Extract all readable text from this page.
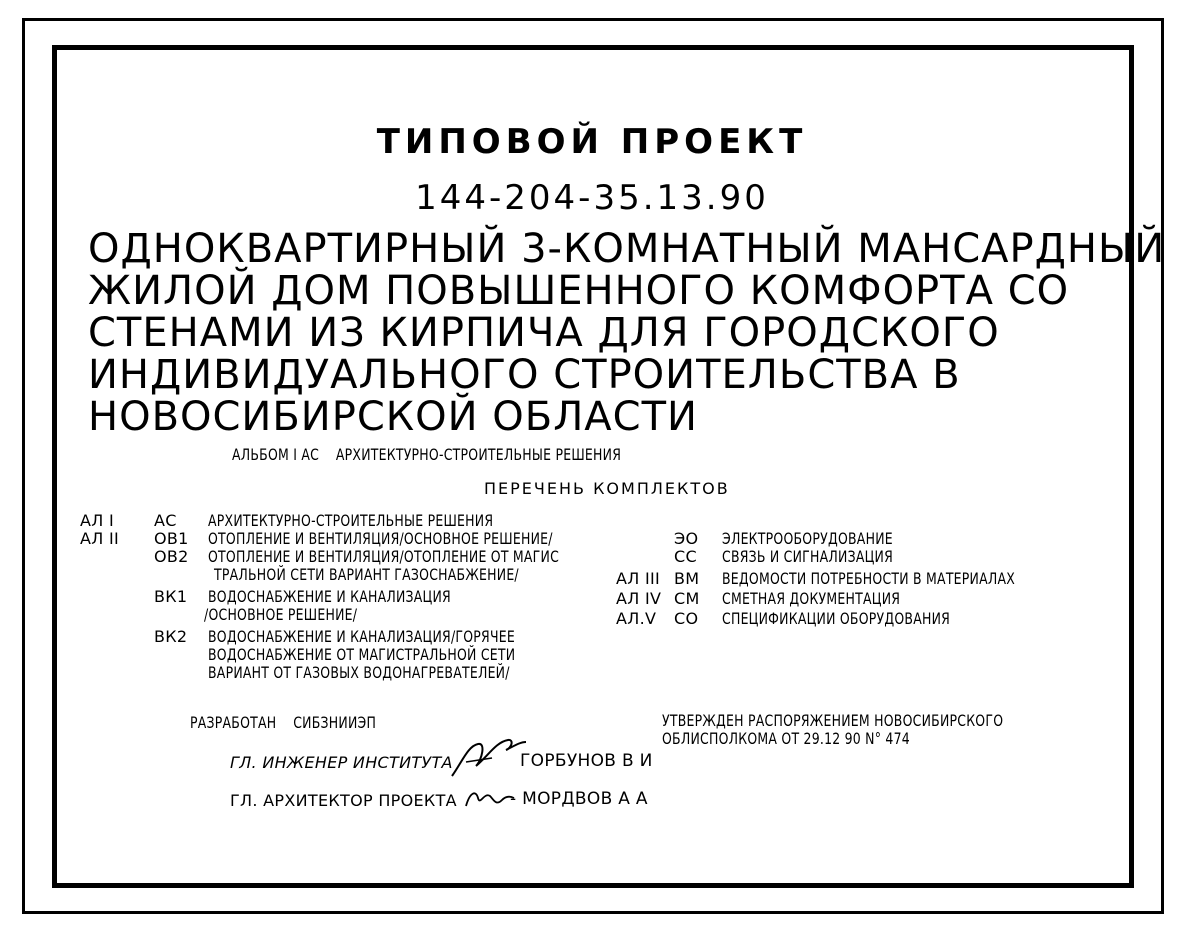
ТИПОВОЙ ПРОЕКТ
144-204-35.13.90
ОДНОКВАРТИРНЫЙ 3-КОМНАТНЫЙ МАНСАРДНЫЙ
ЖИЛОЙ ДОМ ПОВЫШЕННОГО КОМФОРТА СО
СТЕНАМИ ИЗ КИРПИЧА ДЛЯ ГОРОДСКОГО
ИНДИВИДУАЛЬНОГО СТРОИТЕЛЬСТВА В
НОВОСИБИРСКОЙ ОБЛАСТИ
АЛЬБОМ I АС АРХИТЕКТУРНО-СТРОИТЕЛЬНЫЕ РЕШЕНИЯ
ПЕРЕЧЕНЬ КОМПЛЕКТОВ
АЛ I	АС АРХИТЕКТУРНО-СТРОИТЕЛЬНЫЕ РЕШЕНИЯ
АЛ II ОВ1 ОТОПЛЕНИЕ И ВЕНТИЛЯЦИЯ/ОСНОВНОЕ РЕШЕНИЕ/
ОВ2 ОТОПЛЕНИЕ И ВЕНТИЛЯЦИЯ/ОТОПЛЕНИЕ ОТ МАГИС
ТРАЛЬНОЙ СЕТИ ВАРИАНТ ГАЗОСНАБЖЕНИЕ/
ВК1 ВОДОСНАБЖЕНИЕ И КАНАЛИЗАЦИЯ
/ОСНОВНОЕ РЕШЕНИЕ/
ВК2 ВОДОСНАБЖЕНИЕ И КАНАЛИЗАЦИЯ/ГОРЯЧЕЕ
ВОДОСНАБЖЕНИЕ ОТ МАГИСТРАЛЬНОЙ СЕТИ
ВАРИАНТ ОТ ГАЗОВЫХ ВОДОНАГРЕВАТЕЛЕЙ/
ЭО ЭЛЕКТРООБОРУДОВАНИЕ
СС СВЯЗЬ И СИГНАЛИЗАЦИЯ
АЛ III ВМ ВЕДОМОСТИ ПОТРЕБНОСТИ В МАТЕРИАЛАХ
АЛ IV СМ СМЕТНАЯ ДОКУМЕНТАЦИЯ
АЛ.V СО СПЕЦИФИКАЦИИ ОБОРУДОВАНИЯ
РАЗРАБОТАН СИБЗНИИЭП	УТВЕРЖДЕН РАСПОРЯЖЕНИЕМ НОВОСИБИРСКОГО
ОБЛИСПОЛКОМА ОТ 29.12 90 N° 474
ГЛ. ИНЖЕНЕР ИНСТИТУТА	ГОРБУНОВ В И
ГЛ. АРХИТЕКТОР ПРОЕКТА	- МОРДВОВ А А
